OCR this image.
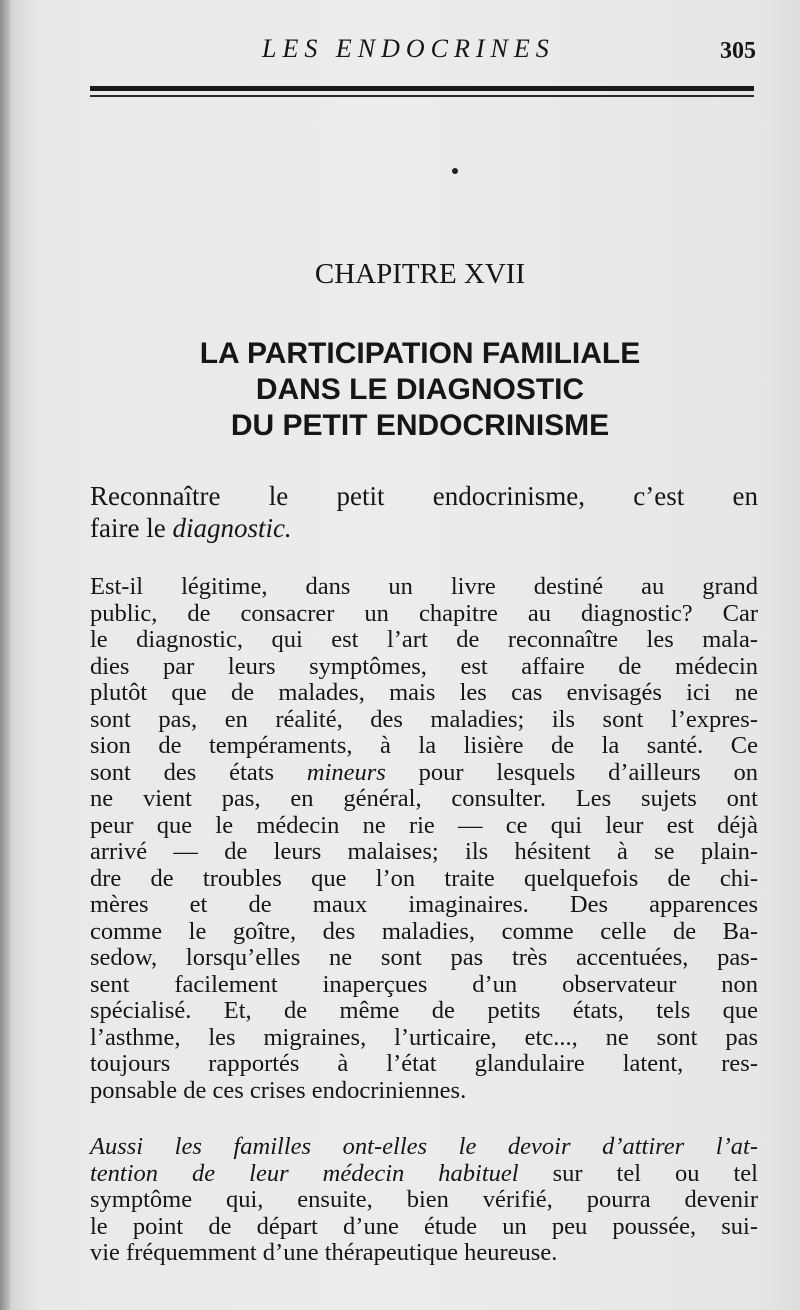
LES ENDOCRINES	305
CHAPITRE XVII
LA PARTICIPATION FAMILIALE
DANS LE DIAGNOSTIC
DU PETIT ENDOCRINISME
Reconnaître le petit endocrinisme, c’est en
faire le diagnostic.
Est-il légitime, dans un livre destiné au grand
public, de consacrer un chapitre au diagnostic? Car
le diagnostic, qui est l’art de reconnaître les mala-
dies par leurs symptômes, est affaire de médecin
plutôt que de malades, mais les cas envisagés ici ne
sont pas, en réalité, des maladies; ils sont l’expres-
sion de tempéraments, à la lisière de la santé. Ce
sont des états mineurs pour lesquels d’ailleurs on
ne vient pas, en général, consulter. Les sujets ont
peur que le médecin ne rie — ce qui leur est déjà
arrivé — de leurs malaises; ils hésitent à se plain-
dre de troubles que l’on traite quelquefois de chi-
mères et de maux imaginaires. Des apparences
comme le goître, des maladies, comme celle de Ba-
sedow, lorsqu’elles ne sont pas très accentuées, pas-
sent facilement inaperçues d’un observateur non
spécialisé. Et, de même de petits états, tels que
l’asthme, les migraines, l’urticaire, etc..., ne sont pas
toujours rapportés à l’état glandulaire latent, res-
ponsable de ces crises endocriniennes.
Aussi les familles ont-elles le devoir d’attirer l’at-
tention de leur médecin habituel sur tel ou tel
symptôme qui, ensuite, bien vérifié, pourra devenir
le point de départ d’une étude un peu poussée, sui-
vie fréquemment d’une thérapeutique heureuse.
